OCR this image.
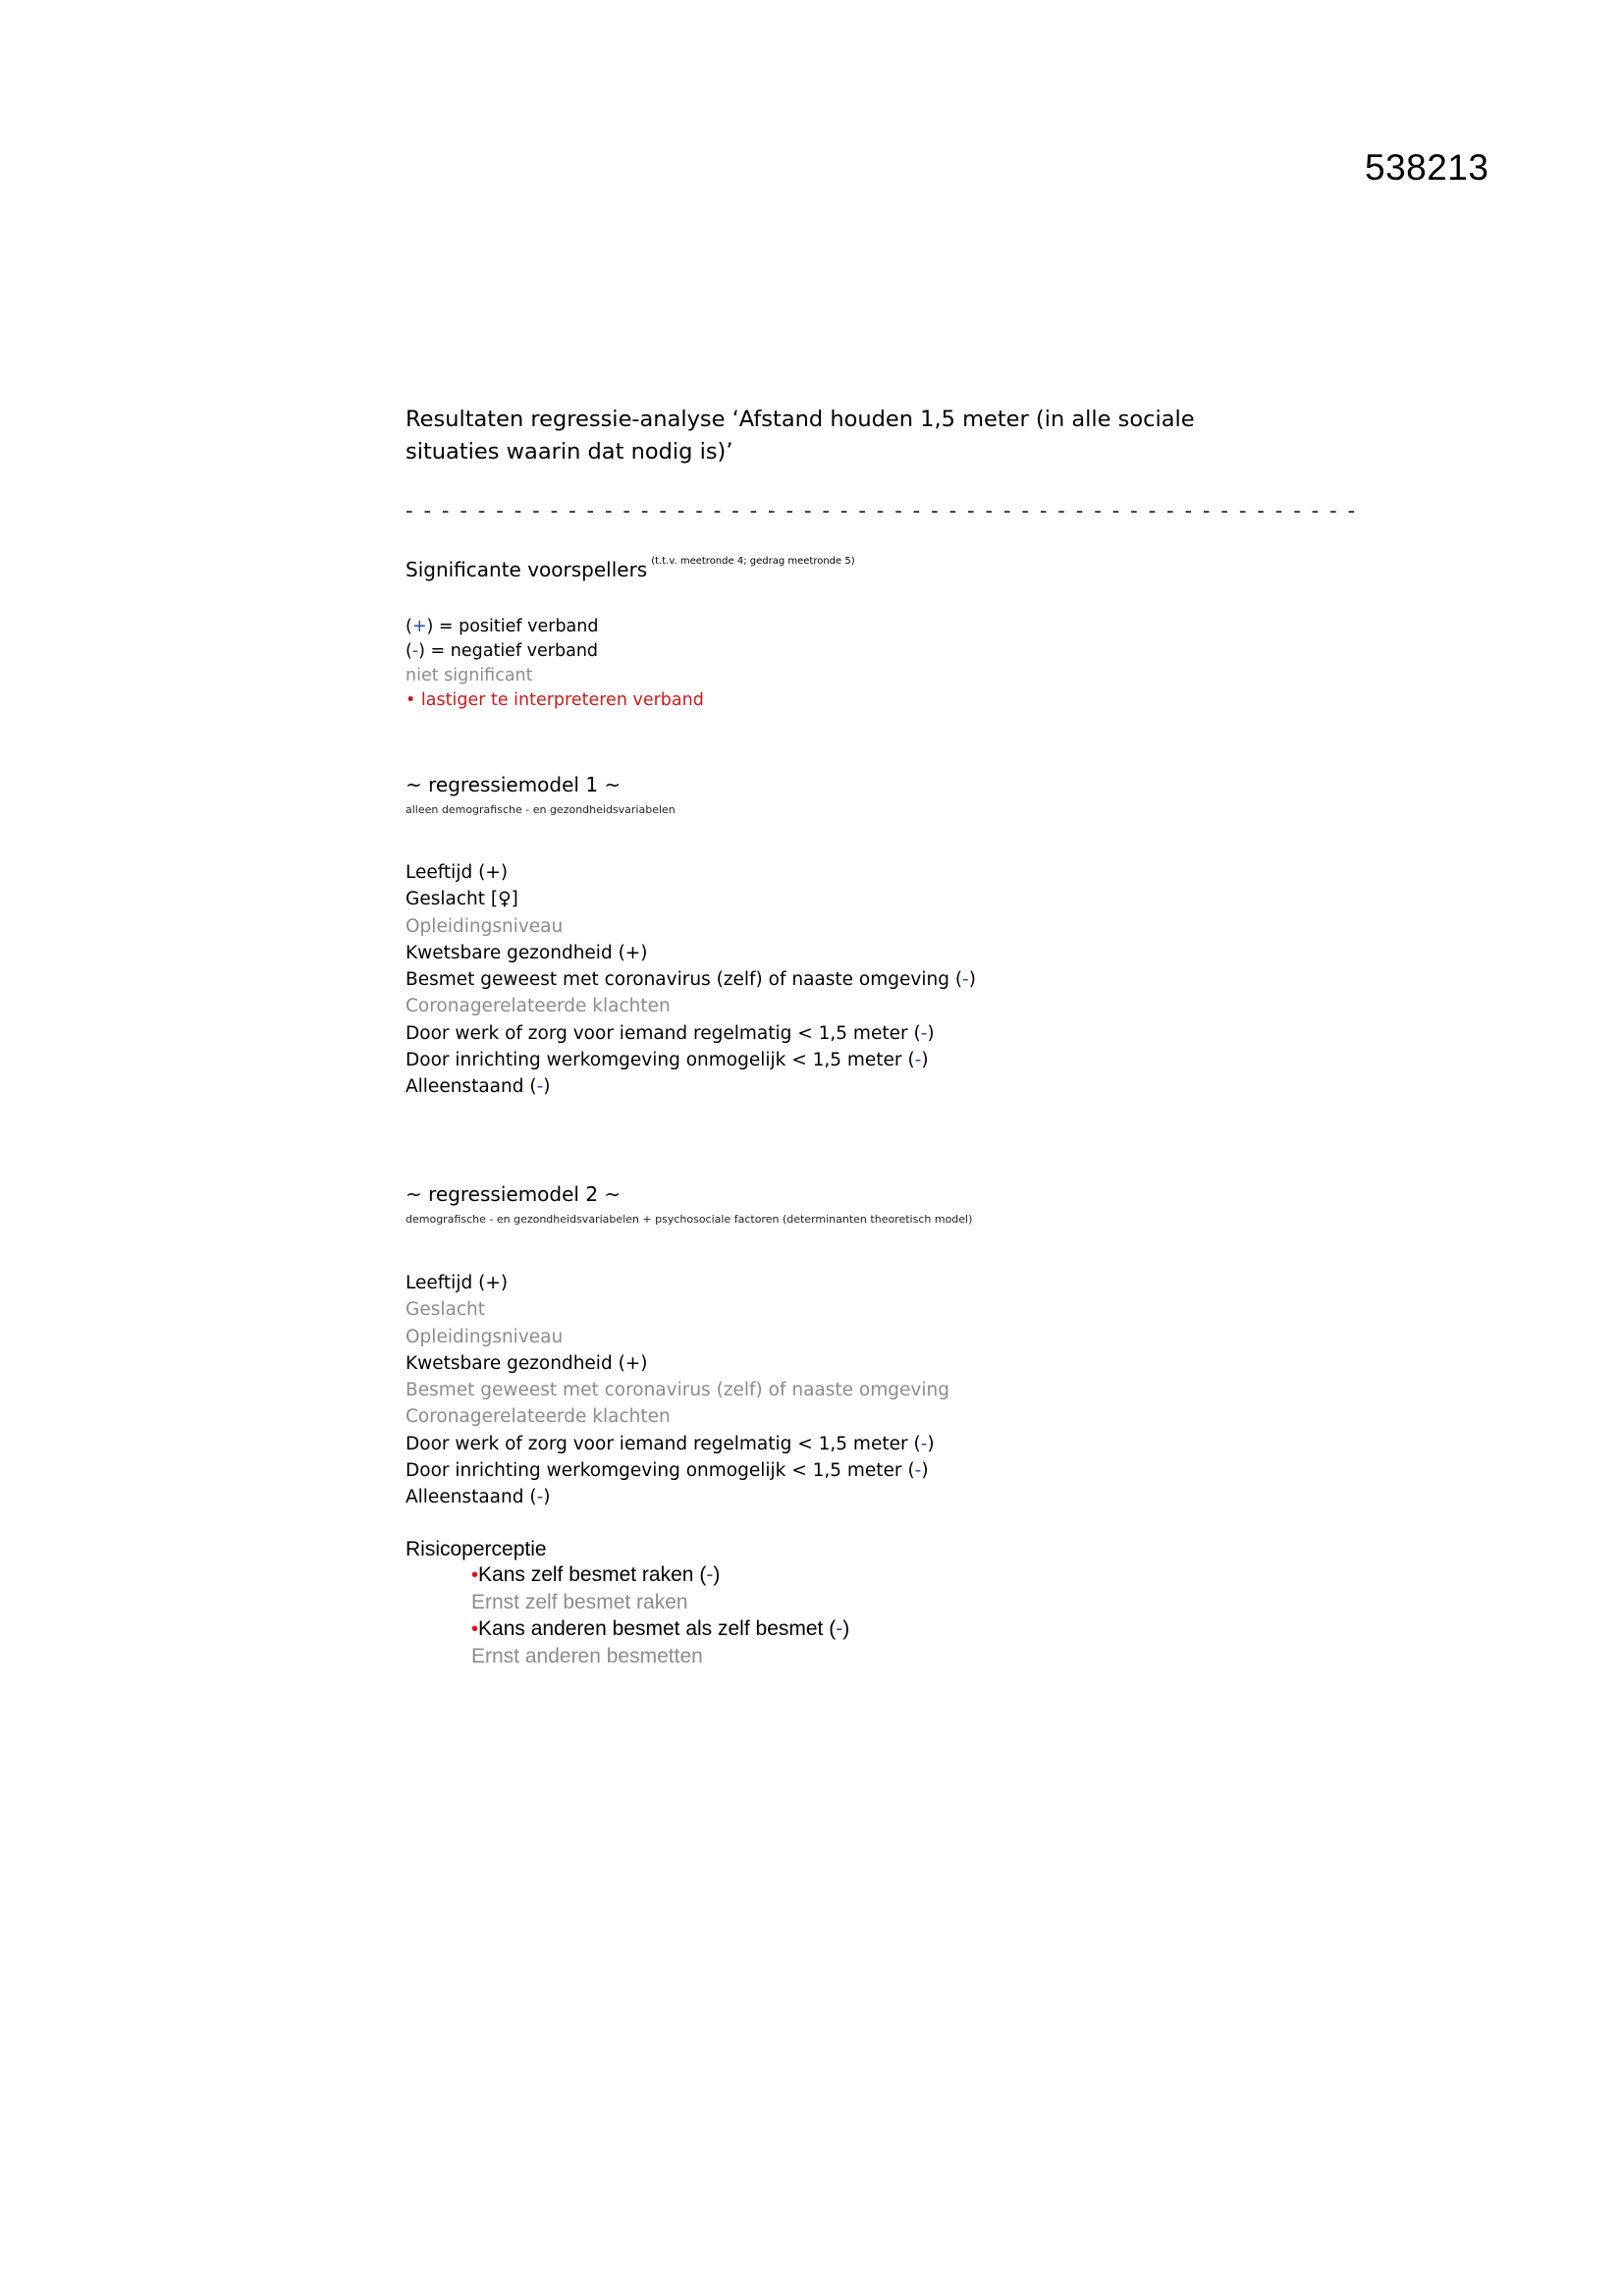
538213
Resultaten regressie-analyse ‘Afstand houden 1,5 meter (in alle sociale
situaties waarin dat nodig is)’
- - - - - - - - - - - - - - - - - - - - - - - - - - - - - - - - - - - - - - - - - - - - - - - - - - - - -
Significante voorspellers $^{(t.t.v. meetronde 4; gedrag meetronde 5)}$
(+) = positief verband
(-) = negatief verband
niet significant
• lastiger te interpreteren verband
~ regressiemodel 1 ~
alleen demografische - en gezondheidsvariabelen
Leeftijd (+)
Geslacht [♀]
Opleidingsniveau
Kwetsbare gezondheid (+)
Besmet geweest met coronavirus (zelf) of naaste omgeving (-)
Coronagerelateerde klachten
Door werk of zorg voor iemand regelmatig < 1,5 meter (-)
Door inrichting werkomgeving onmogelijk < 1,5 meter (-)
Alleenstaand (-)
~ regressiemodel 2 ~
demografische - en gezondheidsvariabelen + psychosociale factoren (determinanten theoretisch model)
Leeftijd (+)
Geslacht
Opleidingsniveau
Kwetsbare gezondheid (+)
Besmet geweest met coronavirus (zelf) of naaste omgeving
Coronagerelateerde klachten
Door werk of zorg voor iemand regelmatig < 1,5 meter (-)
Door inrichting werkomgeving onmogelijk < 1,5 meter (-)
Alleenstaand (-)
Risicoperceptie
•Kans zelf besmet raken (-)
Ernst zelf besmet raken
•Kans anderen besmet als zelf besmet (-)
Ernst anderen besmetten
